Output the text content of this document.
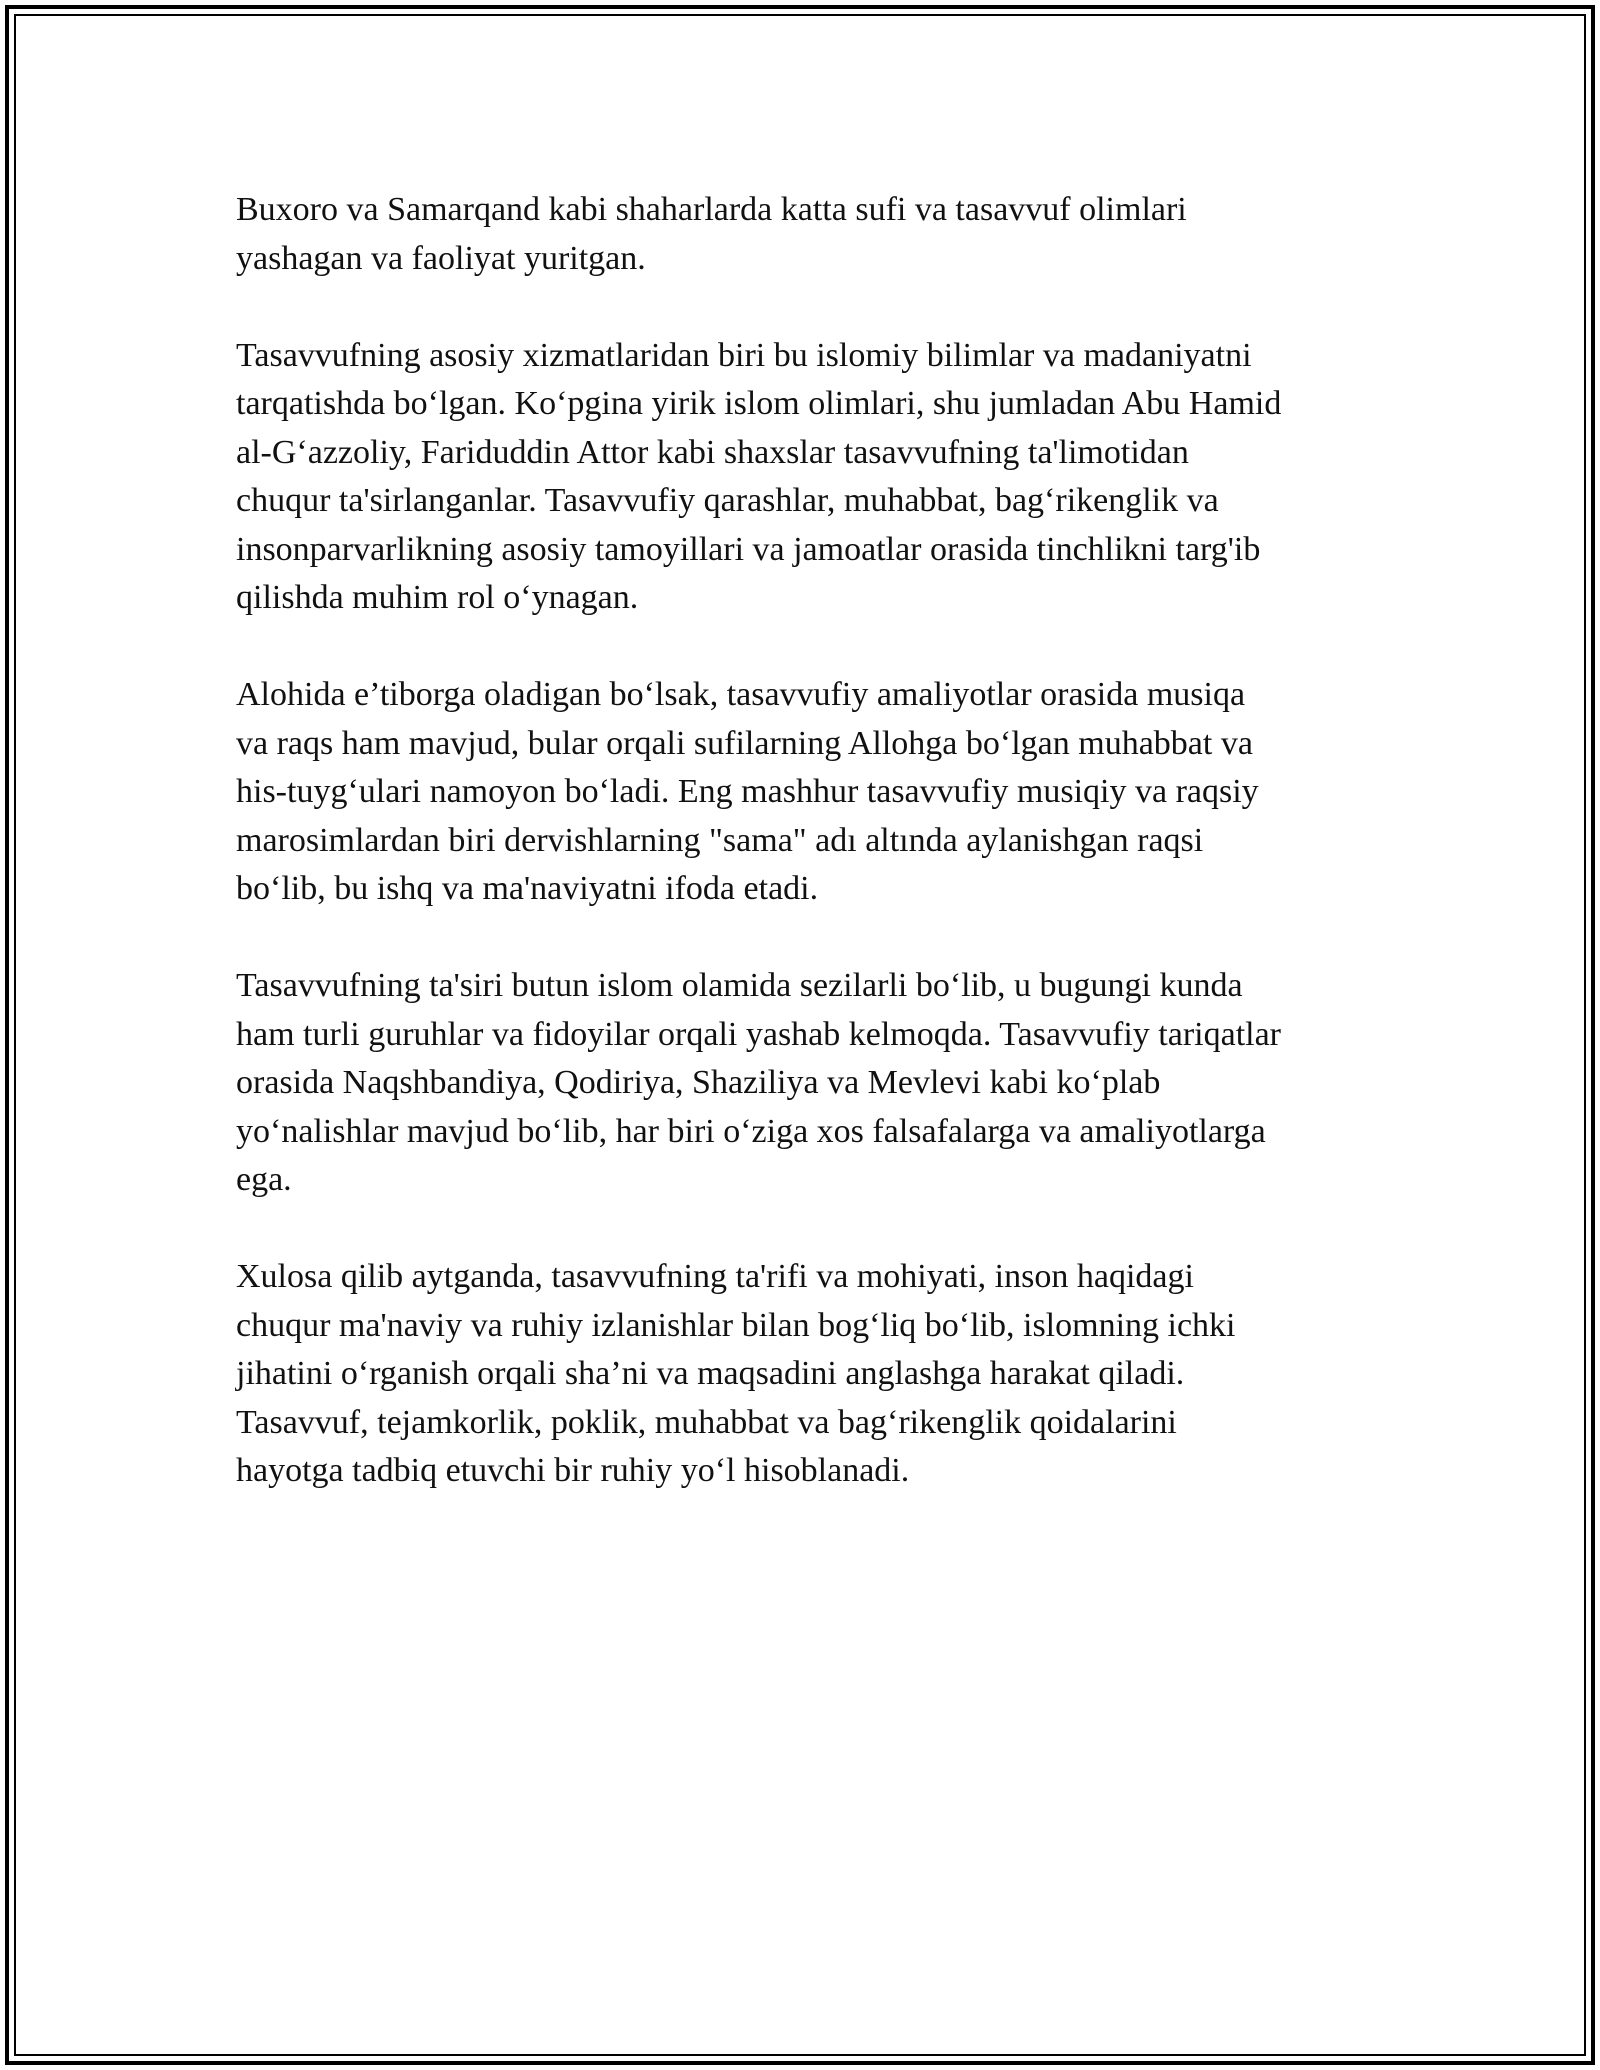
Buxoro va Samarqand kabi shaharlarda katta sufi va tasavvuf olimlari
yashagan va faoliyat yuritgan.

Tasavvufning asosiy xizmatlaridan biri bu islomiy bilimlar va madaniyatni
tarqatishda bo‘lgan. Ko‘pgina yirik islom olimlari, shu jumladan Abu Hamid
al-G‘azzoliy, Fariduddin Attor kabi shaxslar tasavvufning ta'limotidan
chuqur ta'sirlanganlar. Tasavvufiy qarashlar, muhabbat, bag‘rikenglik va
insonparvarlikning asosiy tamoyillari va jamoatlar orasida tinchlikni targ'ib
qilishda muhim rol o‘ynagan.

Alohida e’tiborga oladigan bo‘lsak, tasavvufiy amaliyotlar orasida musiqa
va raqs ham mavjud, bular orqali sufilarning Allohga bo‘lgan muhabbat va
his-tuyg‘ulari namoyon bo‘ladi. Eng mashhur tasavvufiy musiqiy va raqsiy
marosimlardan biri dervishlarning "sama" adı altında aylanishgan raqsi
bo‘lib, bu ishq va ma'naviyatni ifoda etadi.

Tasavvufning ta'siri butun islom olamida sezilarli bo‘lib, u bugungi kunda
ham turli guruhlar va fidoyilar orqali yashab kelmoqda. Tasavvufiy tariqatlar
orasida Naqshbandiya, Qodiriya, Shaziliya va Mevlevi kabi ko‘plab
yo‘nalishlar mavjud bo‘lib, har biri o‘ziga xos falsafalarga va amaliyotlarga
ega.

Xulosa qilib aytganda, tasavvufning ta'rifi va mohiyati, inson haqidagi
chuqur ma'naviy va ruhiy izlanishlar bilan bog‘liq bo‘lib, islomning ichki
jihatini o‘rganish orqali sha’ni va maqsadini anglashga harakat qiladi.
Tasavvuf, tejamkorlik, poklik, muhabbat va bag‘rikenglik qoidalarini
hayotga tadbiq etuvchi bir ruhiy yo‘l hisoblanadi.
